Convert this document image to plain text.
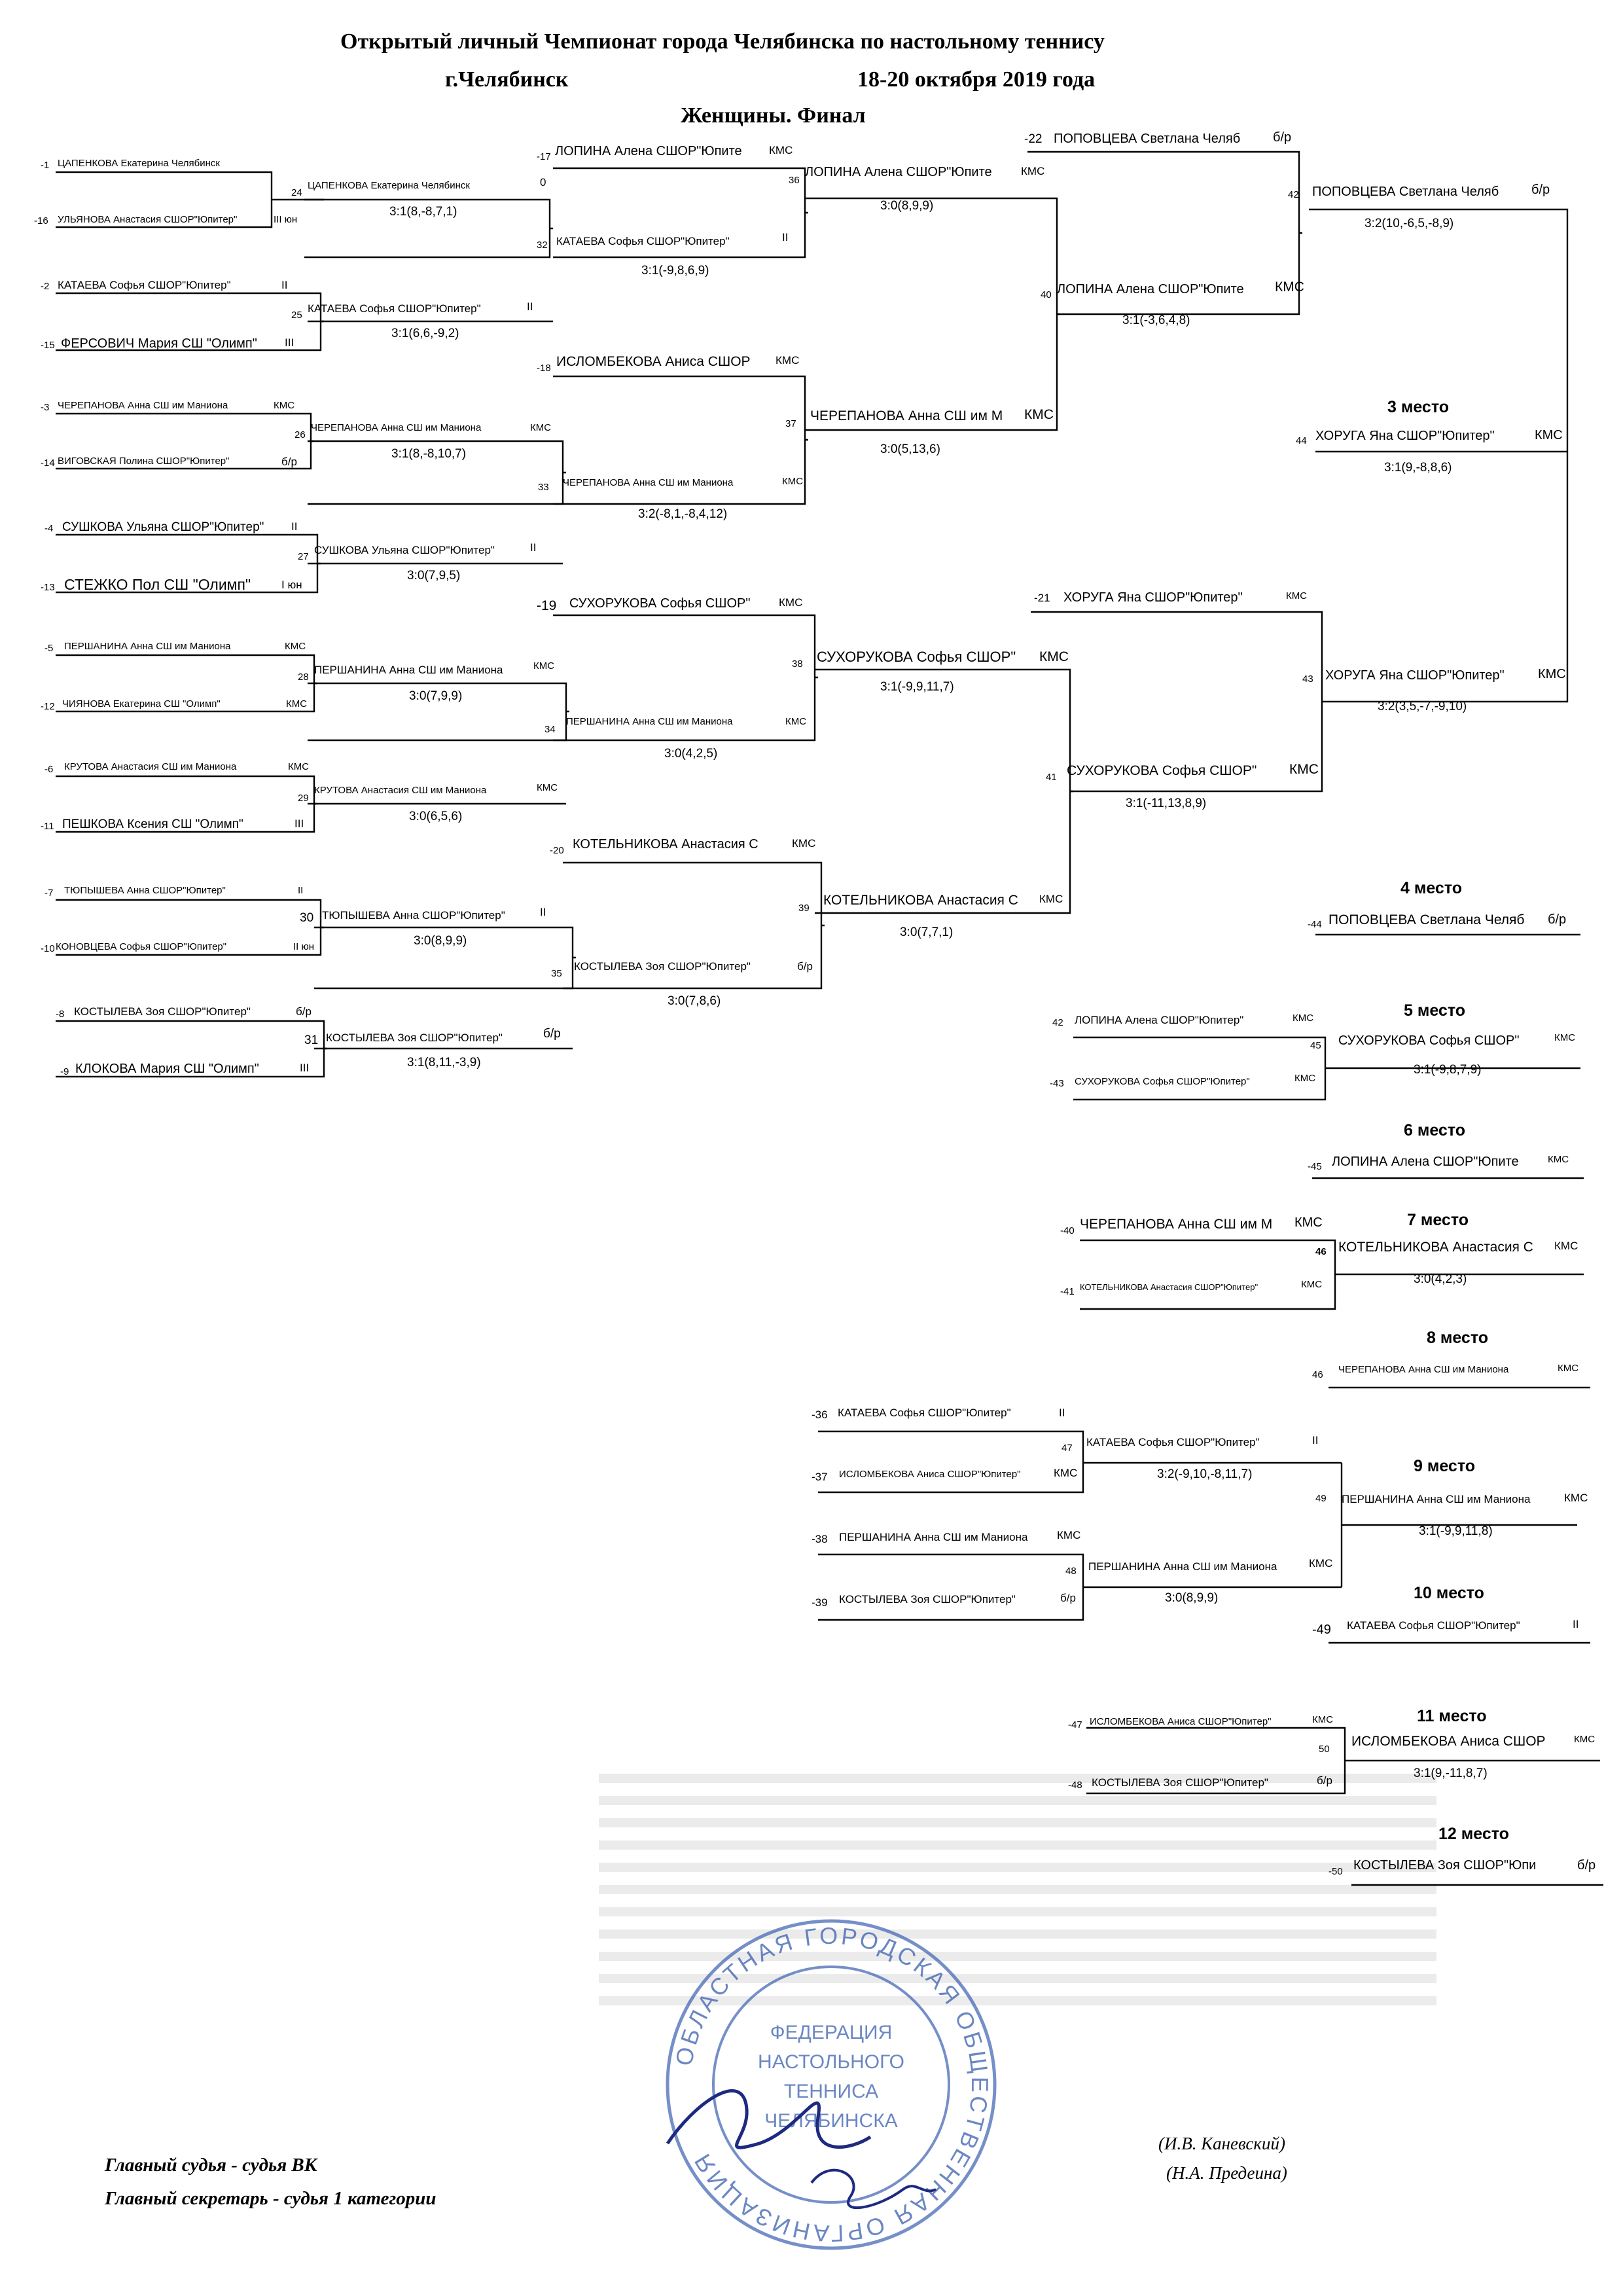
Открытый личный Чемпионат города Челябинска по настольному теннису
г.Челябинск	18-20 октября 2019 года
Женщины. Финал
-1 ЦАПЕНКОВА Екатерина Челябинск
-16 УЛЬЯНОВА Анастасия СШОР"Юпитер"	III юн
-2 КАТАЕВА Софья СШОР"Юпитер"	II
-15 ФЕРСОВИЧ Мария СШ "Олимп" III
-3 ЧЕРЕПАНОВА Анна СШ им Маниона	КМС
-14 ВИГОВСКАЯ Полина СШОР"Юпитер"	б/р
-4 СУШКОВА Ульяна СШОР"Юпитер" II
-13 СТЕЖКО Пол СШ "Олимп"	I юн
-5 ПЕРШАНИНА Анна СШ им Маниона	КМС
-12 ЧИЯНОВА Екатерина СШ "Олимп"	КМС
-6 КРУТОВА Анастасия СШ им Маниона	КМС
-11 ПЕШКОВА Ксения СШ "Олимп"	III
-7 ТЮПЫШЕВА Анна СШОР"Юпитер"	II
-10 КОНОВЦЕВА Софья СШОР"Юпитер"	II юн
-8 КОСТЫЛЕВА Зоя СШОР"Юпитер"	б/р
-9 КЛОКОВА Мария СШ "Олимп"	III
24
ЦАПЕНКОВА Екатерина Челябинск	0
3:1(8,-8,7,1)
25
КАТАЕВА Софья СШОР"Юпитер"	II
3:1(6,6,-9,2)
26
ЧЕРЕПАНОВА Анна СШ им Маниона	КМС
3:1(8,-8,10,7)
27
СУШКОВА Ульяна СШОР"Юпитер"	II
3:0(7,9,5)
28
ПЕРШАНИНА Анна СШ им Маниона	КМС
3:0(7,9,9)
29
КРУТОВА Анастасия СШ им Маниона	КМС
3:0(6,5,6)
30 ТЮПЫШЕВА Анна СШОР"Юпитер"	II
3:0(8,9,9)
31 КОСТЫЛЕВА Зоя СШОР"Юпитер"	б/р
3:1(8,11,-3,9)
-17 ЛОПИНА Алена СШОР"Юпите КМС
-18 ИСЛОМБЕКОВА Аниса СШОР КМС
-19 СУХОРУКОВА Софья СШОР"	КМС
-20 КОТЕЛЬНИКОВА Анастасия С	КМС
32 КАТАЕВА Софья СШОР"Юпитер"	II
3:1(-9,8,6,9)
33 ЧЕРЕПАНОВА Анна СШ им Маниона	КМС
3:2(-8,1,-8,4,12)
34
ПЕРШАНИНА Анна СШ им Маниона	КМС
3:0(4,2,5)
35
КОСТЫЛЕВА Зоя СШОР"Юпитер"	б/р
3:0(7,8,6)
36
ЛОПИНА Алена СШОР"Юпите	КМС
3:0(8,9,9)
37
ЧЕРЕПАНОВА Анна СШ им М КМС
3:0(5,13,6)
38 СУХОРУКОВА Софья СШОР" КМС
3:1(-9,9,11,7)
39
КОТЕЛЬНИКОВА Анастасия С КМС
3:0(7,7,1)
-22 ПОПОВЦЕВА Светлана Челяб б/р
-21 ХОРУГА Яна СШОР"Юпитер"	КМС
40 ЛОПИНА Алена СШОР"Юпите КМС
3:1(-3,6,4,8)
41 СУХОРУКОВА Софья СШОР" КМС
3:1(-11,13,8,9)
42 ПОПОВЦЕВА Светлана Челяб б/р
3:2(10,-6,5,-8,9)
43 ХОРУГА Яна СШОР"Юпитер"	КМС
3:2(3,5,-7,-9,10)
3 место
44 ХОРУГА Яна СШОР"Юпитер"	КМС
3:1(9,-8,8,6)
4 место
-44 ПОПОВЦЕВА Светлана Челяб б/р
5 место
42 ЛОПИНА Алена СШОР"Юпитер"	КМС
-43 СУХОРУКОВА Софья СШОР"Юпитер"	КМС
45 СУХОРУКОВА Софья СШОР"	КМС
3:1(-9,8,7,9)
6 место
-45 ЛОПИНА Алена СШОР"Юпите	КМС
7 место
-40 ЧЕРЕПАНОВА Анна СШ им М КМС
-41 КОТЕЛЬНИКОВА Анастасия СШОР"Юпитер"	КМС
46 КОТЕЛЬНИКОВА Анастасия С КМС
3:0(4,2,3)
8 место
46 ЧЕРЕПАНОВА Анна СШ им Маниона	КМС
-36 КАТАЕВА Софья СШОР"Юпитер"	II
-37 ИСЛОМБЕКОВА Аниса СШОР"Юпитер"	КМС
-38 ПЕРШАНИНА Анна СШ им Маниона	КМС
-39 КОСТЫЛЕВА Зоя СШОР"Юпитер"	б/р
47 КАТАЕВА Софья СШОР"Юпитер"	II
3:2(-9,10,-8,11,7)
48 ПЕРШАНИНА Анна СШ им Маниона	КМС
3:0(8,9,9)
9 место
49 ПЕРШАНИНА Анна СШ им Маниона	КМС
3:1(-9,9,11,8)
10 место
-49 КАТАЕВА Софья СШОР"Юпитер"	II
11 место
-47 ИСЛОМБЕКОВА Аниса СШОР"Юпитер"	КМС
-48 КОСТЫЛЕВА Зоя СШОР"Юпитер"	б/р
50
ИСЛОМБЕКОВА Аниса СШОР	КМС
3:1(9,-11,8,7)
12 место
-50 КОСТЫЛЕВА Зоя СШОР"Юпи	б/р
ОБЛАСТНАЯ ГОРОДСКАЯ ОБЩЕСТВЕННАЯ ОРГАНИЗАЦИЯ
ФЕДЕРАЦИЯ
НАСТОЛЬНОГО
ТЕННИСА
ЧЕЛЯБИНСКА
Главный судья - судья ВК
Главный секретарь - судья 1 категории
(И.В. Каневский)
(Н.А. Предеина)
